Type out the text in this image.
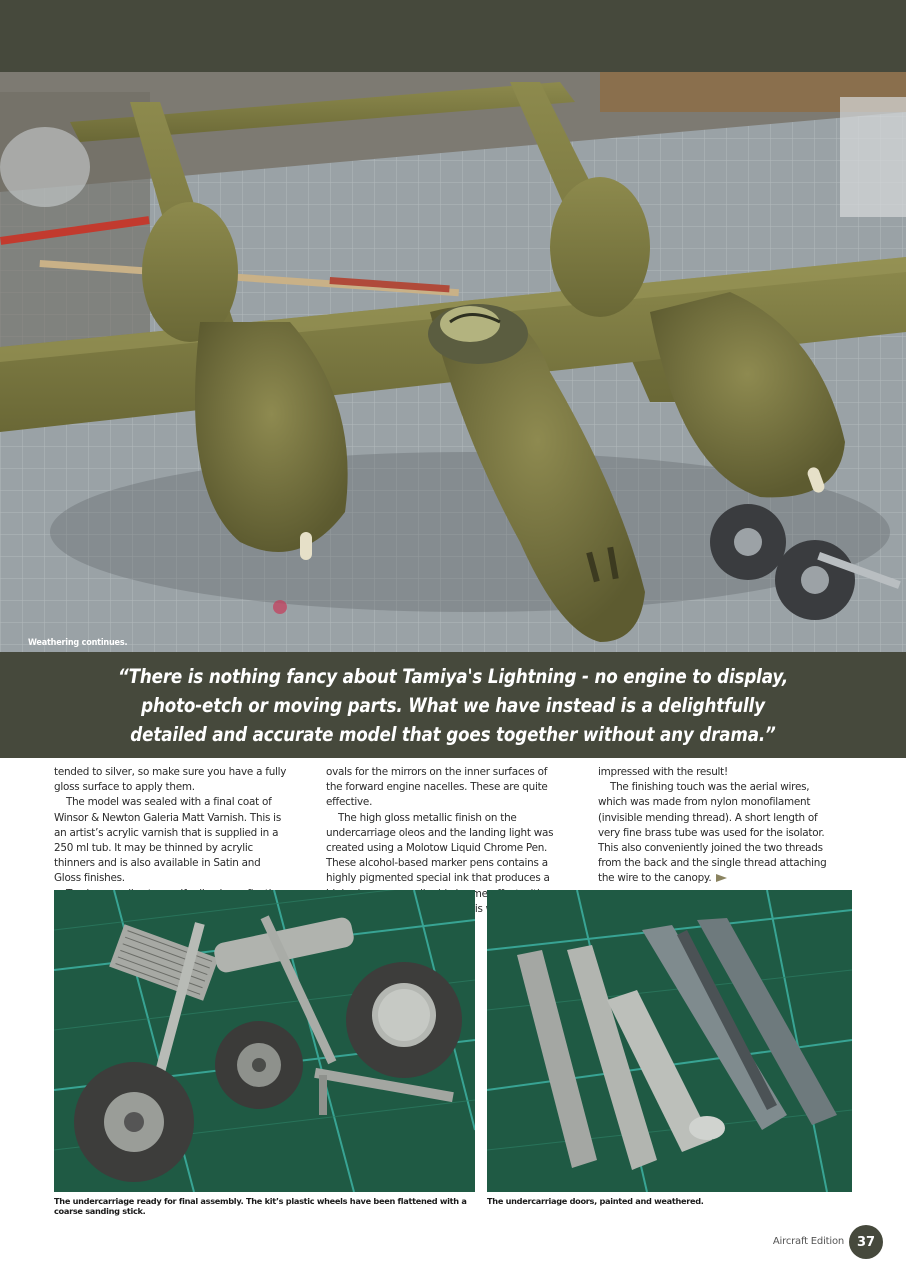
Weathering continues.
“There is nothing fancy about Tamiya's Lightning - no engine to display, photo-etch or moving parts. What we have instead is a delightfully detailed and accurate model that goes together without any drama.”

tended to silver, so make sure you have a fully gloss surface to apply them.

The model was sealed with a final coat of Winsor & Newton Galeria Matt Varnish. This is an artist’s acrylic varnish that is supplied in a 250 ml tub. It may be thinned by acrylic thinners and is also available in Satin and Gloss finishes.

ovals for the mirrors on the inner surfaces of the forward engine nacelles. These are quite effective.

The high gloss metallic finish on the undercarriage oleos and the landing light was created using a Molotow Liquid Chrome Pen. These alcohol-based marker pens contains a highly pigmented special ink that produces a

impressed with the result!

The finishing touch was the aerial wires, which was made from nylon monofilament (invisible mending thread). A short length of very fine brass tube was used for the isolator. This also conveniently joined the two threads from the back and the single thread attaching the wire to the canopy.

The undercarriage ready for final assembly. The kit’s plastic wheels have been flattened with a coarse sanding stick.
The undercarriage doors, painted and weathered.
Aircraft Edition 37
